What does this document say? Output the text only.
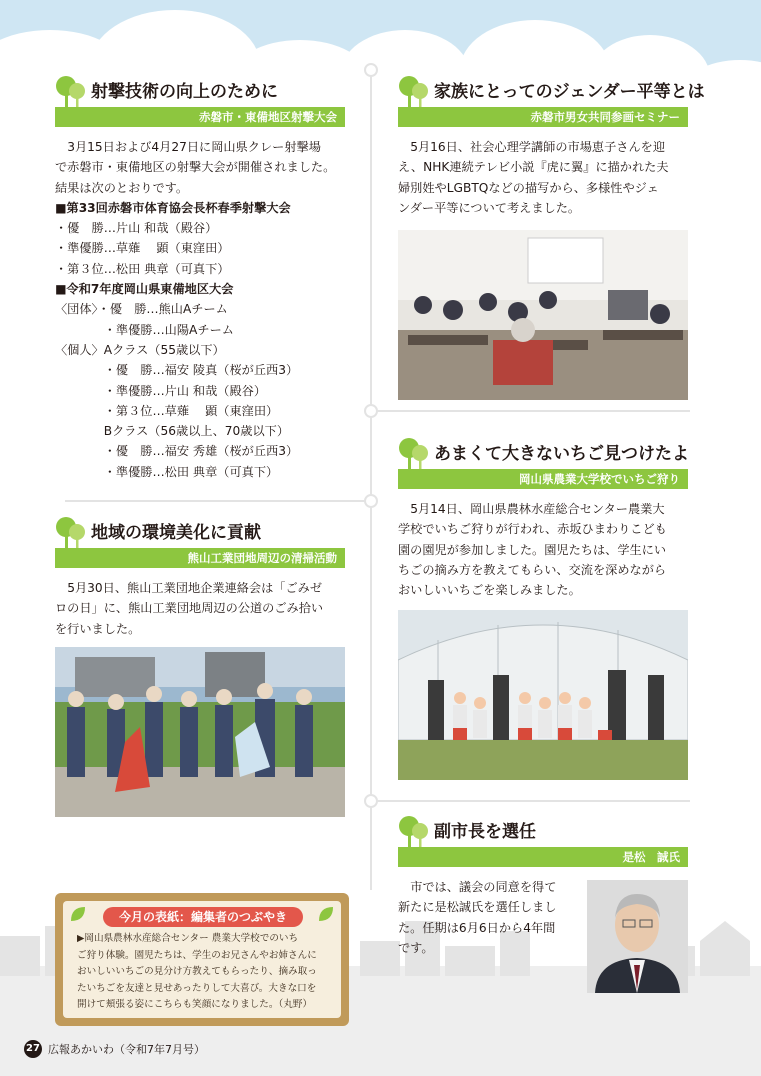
射撃技術の向上のために
赤磐市・東備地区射撃大会
3月15日および4月27日に岡山県クレー射撃場
で赤磐市・東備地区の射撃大会が開催されました。
結果は次のとおりです。
■第33回赤磐市体育協会長杯春季射撃大会
・優　勝…片山 和哉（殿谷）
・準優勝…草薙　 顕（東窪田）
・第３位…松田 典章（可真下）
■令和7年度岡山県東備地区大会
〈団体〉・優　勝…熊山Aチーム
　　　　・準優勝…山陽Aチーム
〈個人〉Aクラス（55歳以下）
　　　　・優　勝…福安 陵真（桜が丘西3）
　　　　・準優勝…片山 和哉（殿谷）
　　　　・第３位…草薙　 顕（東窪田）
　　　　Bクラス（56歳以上、70歳以下）
　　　　・優　勝…福安 秀雄（桜が丘西3）
　　　　・準優勝…松田 典章（可真下）
地域の環境美化に貢献
熊山工業団地周辺の清掃活動
5月30日、熊山工業団地企業連絡会は「ごみゼ
ロの日」に、熊山工業団地周辺の公道のごみ拾い
を行いました。
家族にとってのジェンダー平等とは
赤磐市男女共同参画セミナー
5月16日、社会心理学講師の市場恵子さんを迎
え、NHK連続テレビ小説『虎に翼』に描かれた夫
婦別姓やLGBTQなどの描写から、多様性やジェ
ンダー平等について考えました。
あまくて大きないちご見つけたよ
岡山県農業大学校でいちご狩り
5月14日、岡山県農林水産総合センター農業大
学校でいちご狩りが行われ、赤坂ひまわりこども
園の園児が参加しました。園児たちは、学生にい
ちごの摘み方を教えてもらい、交流を深めながら
おいしいいちごを楽しみました。
副市長を選任
是松　誠氏
市では、議会の同意を得て
新たに是松誠氏を選任しまし
た。任期は6月6日から4年間
です。
今月の表紙：編集者のつぶやき
▶岡山県農林水産総合センター 農業大学校でのいち
ご狩り体験。園児たちは、学生のお兄さんやお姉さんに
おいしいいちごの見分け方教えてもらったり、摘み取っ
たいちごを友達と見せあったりして大喜び。大きな口を
開けて頬張る姿にこちらも笑顔になりました。（丸野）
27 広報あかいわ（令和7年7月号）
